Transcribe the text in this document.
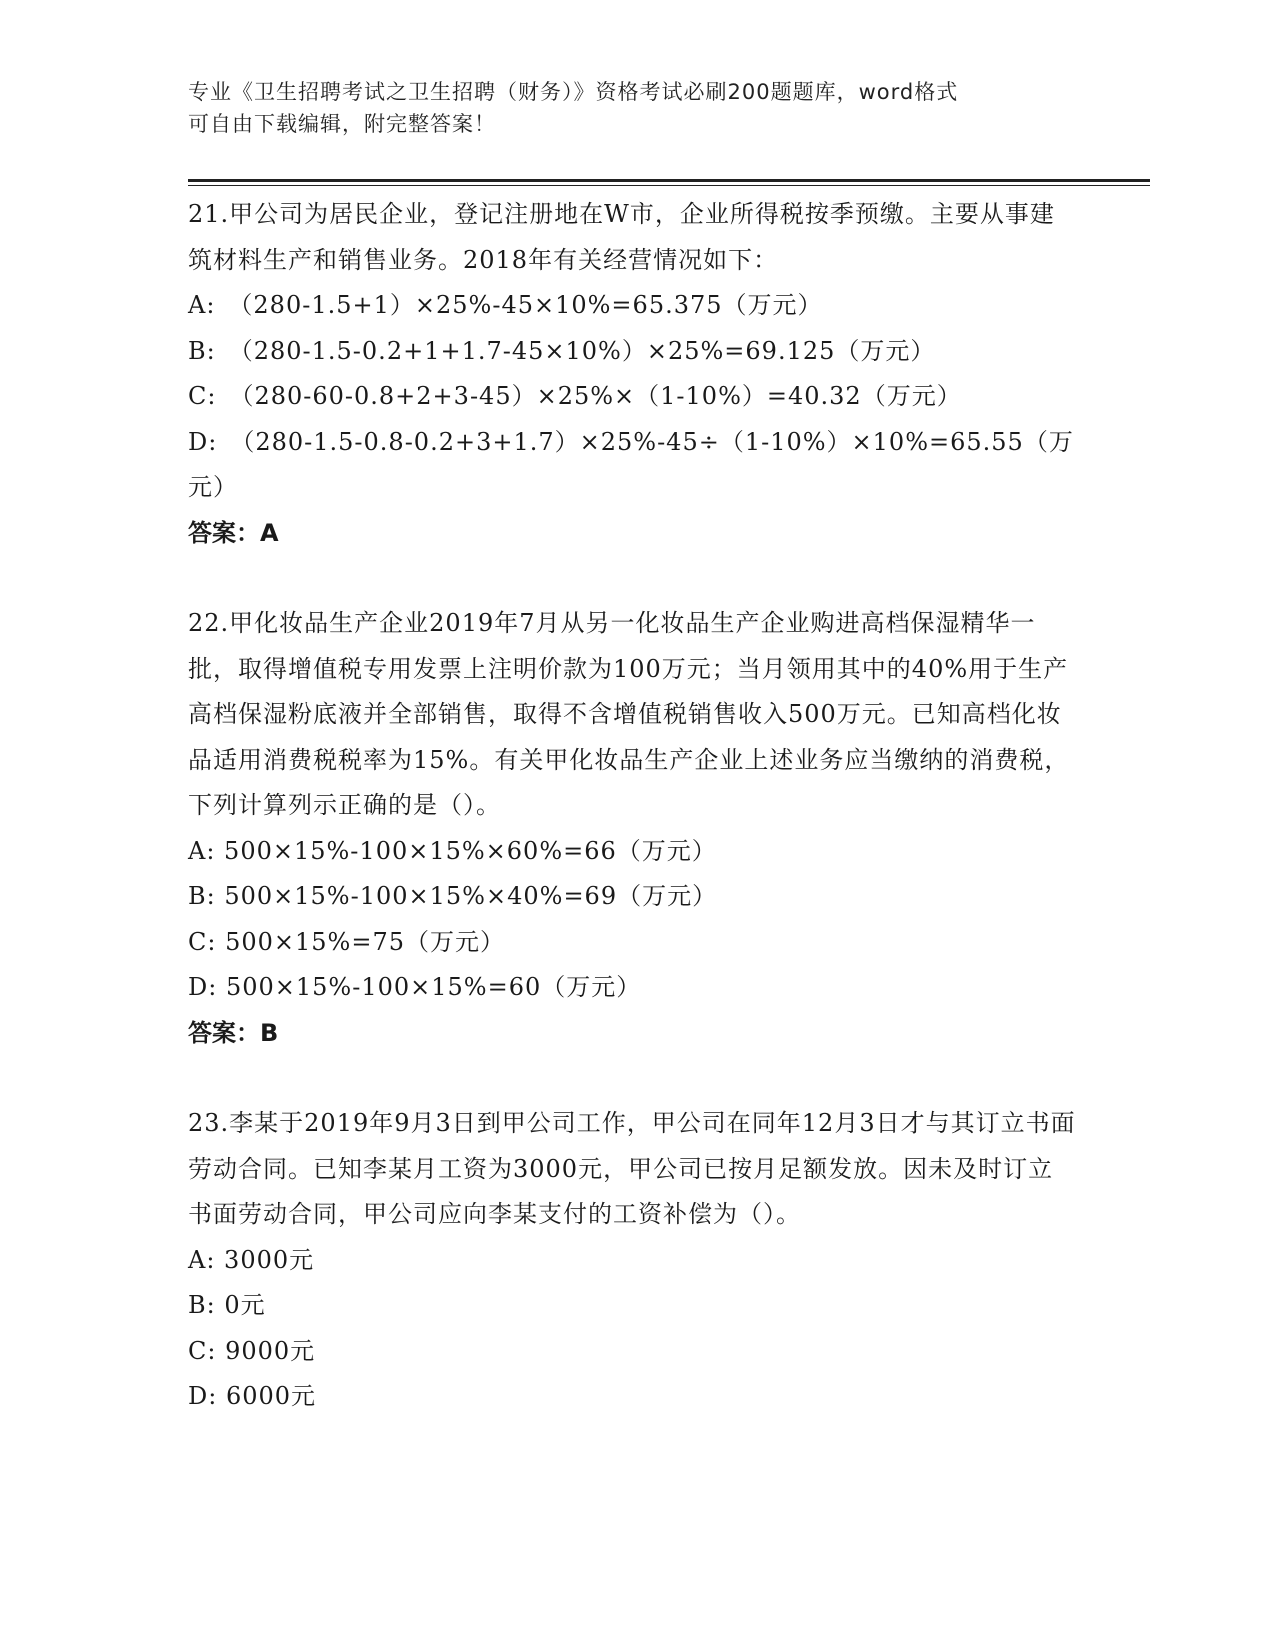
专业《卫生招聘考试之卫生招聘（财务）》资格考试必刷200题题库，word格式
可自由下载编辑，附完整答案！

21.甲公司为居民企业，登记注册地在W市，企业所得税按季预缴。主要从事建筑材料生产和销售业务。2018年有关经营情况如下：

A:　（280-1.5+1）×25%-45×10%=65.375（万元）

B:　（280-1.5-0.2+1+1.7-45×10%）×25%=69.125（万元）

C:　（280-60-0.8+2+3-45）×25%×（1-10%）=40.32（万元）

D:　（280-1.5-0.8-0.2+3+1.7）×25%-45÷（1-10%）×10%=65.55（万元）

答案：A

22.甲化妆品生产企业2019年7月从另一化妆品生产企业购进高档保湿精华一批，取得增值税专用发票上注明价款为100万元；当月领用其中的40%用于生产高档保湿粉底液并全部销售，取得不含增值税销售收入500万元。已知高档化妆品适用消费税税率为15%。有关甲化妆品生产企业上述业务应当缴纳的消费税，下列计算列示正确的是（）。

A: 500×15%-100×15%×60%=66（万元）

B: 500×15%-100×15%×40%=69（万元）

C: 500×15%=75（万元）

D: 500×15%-100×15%=60（万元）

答案：B

23.李某于2019年9月3日到甲公司工作，甲公司在同年12月3日才与其订立书面劳动合同。已知李某月工资为3000元，甲公司已按月足额发放。因未及时订立书面劳动合同，甲公司应向李某支付的工资补偿为（）。

A: 3000元

B: 0元

C: 9000元

D: 6000元
